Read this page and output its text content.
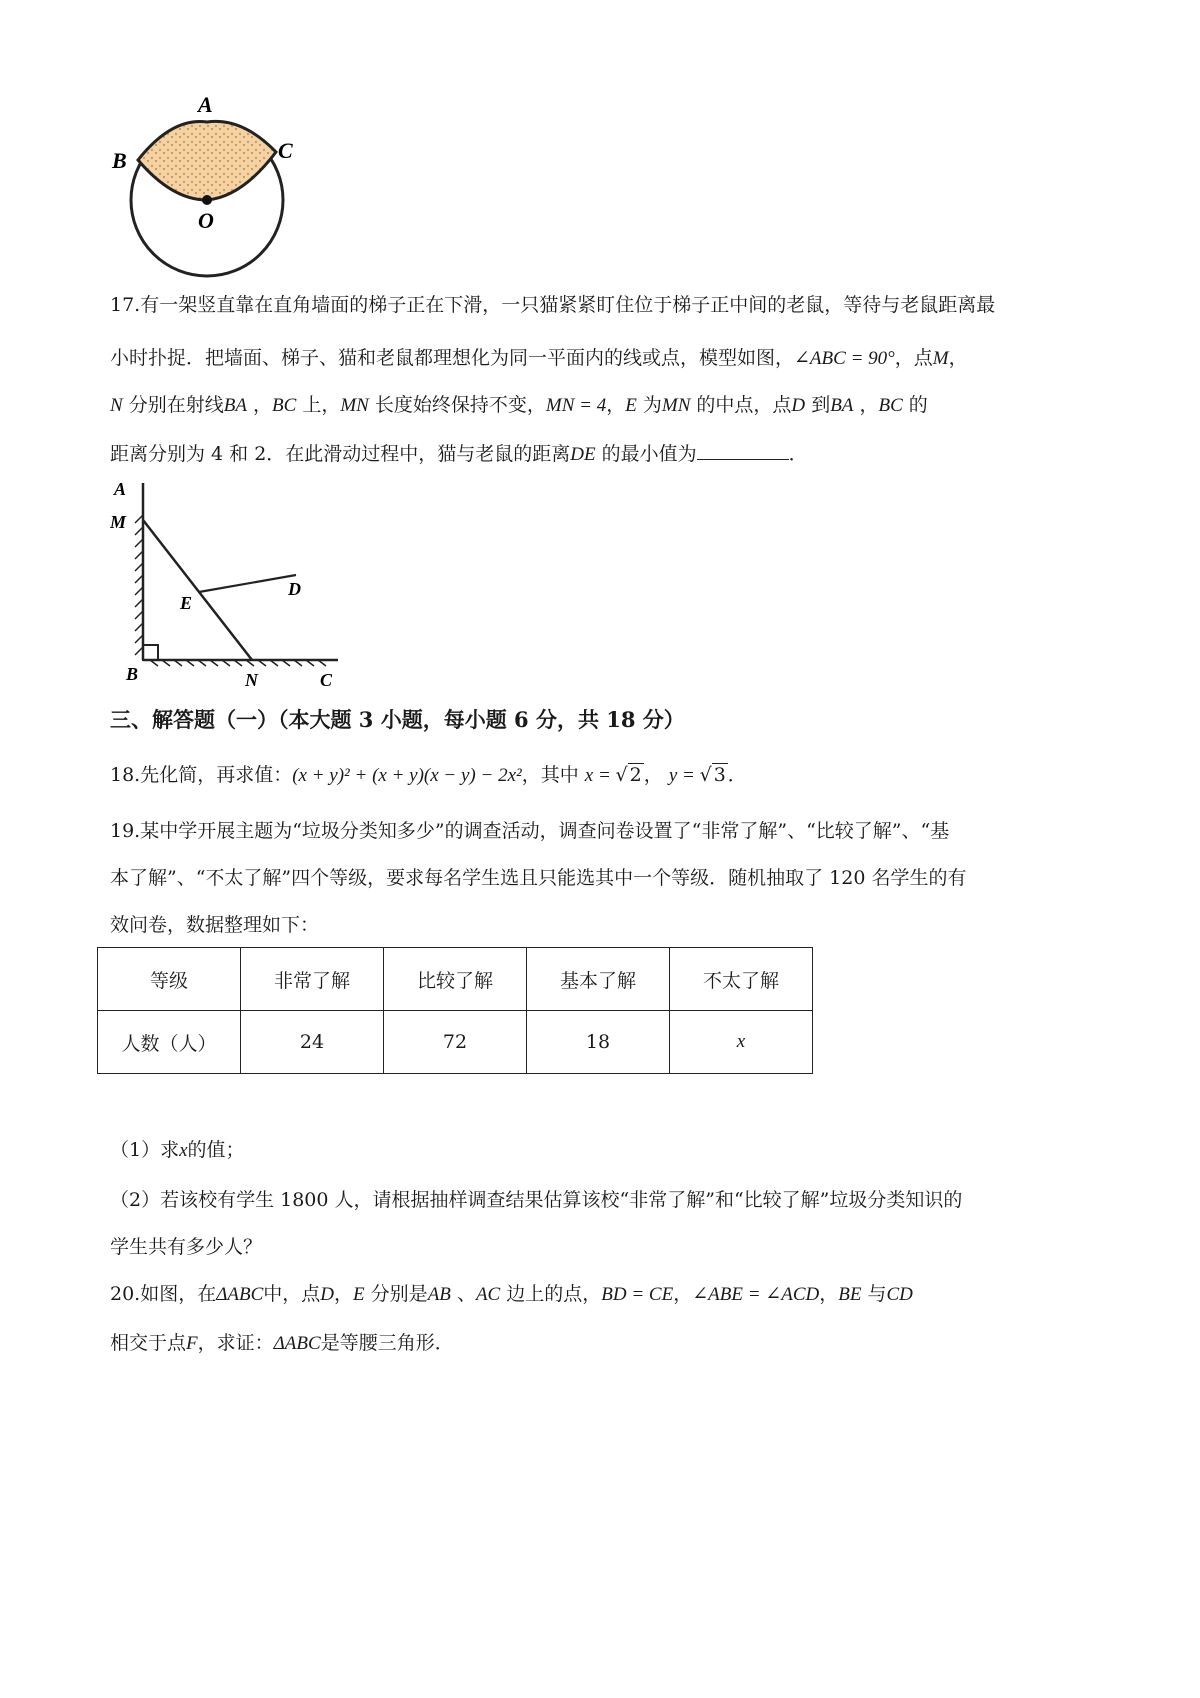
A
B	C
O
17.有一架竖直靠在直角墙面的梯子正在下滑，一只猫紧紧盯住位于梯子正中间的老鼠，等待与老鼠距离最
小时扑捉．把墙面、梯子、猫和老鼠都理想化为同一平面内的线或点，模型如图，∠ABC = 90°，点M，
N 分别在射线BA ，BC 上，MN 长度始终保持不变，MN = 4，E 为MN 的中点，点D 到BA ，BC 的
距离分别为 4 和 2．在此滑动过程中，猫与老鼠的距离DE 的最小值为	．
A
M
E
D
B	N	C
三、解答题（一）（本大题 3 小题，每小题 6 分，共 18 分）
18.先化简，再求值：(x + y)² + (x + y)(x − y) − 2x²，其中 x = √ 2 ， y = √ 3 ．
19.某中学开展主题为“垃圾分类知多少”的调查活动，调查问卷设置了“非常了解”、“比较了解”、“基
本了解”、“不太了解”四个等级，要求每名学生选且只能选其中一个等级．随机抽取了 120 名学生的有
效问卷，数据整理如下：
等级	非常了解	比较了解	基本了解	不太了解
人数（人）	24	72	18	x
（1）求x的值；
（2）若该校有学生 1800 人，请根据抽样调查结果估算该校“非常了解”和“比较了解”垃圾分类知识的
学生共有多少人？
20.如图，在ΔABC中，点D，E 分别是AB 、AC 边上的点，BD = CE，∠ABE = ∠ACD，BE 与CD
相交于点F，求证：ΔABC是等腰三角形．
